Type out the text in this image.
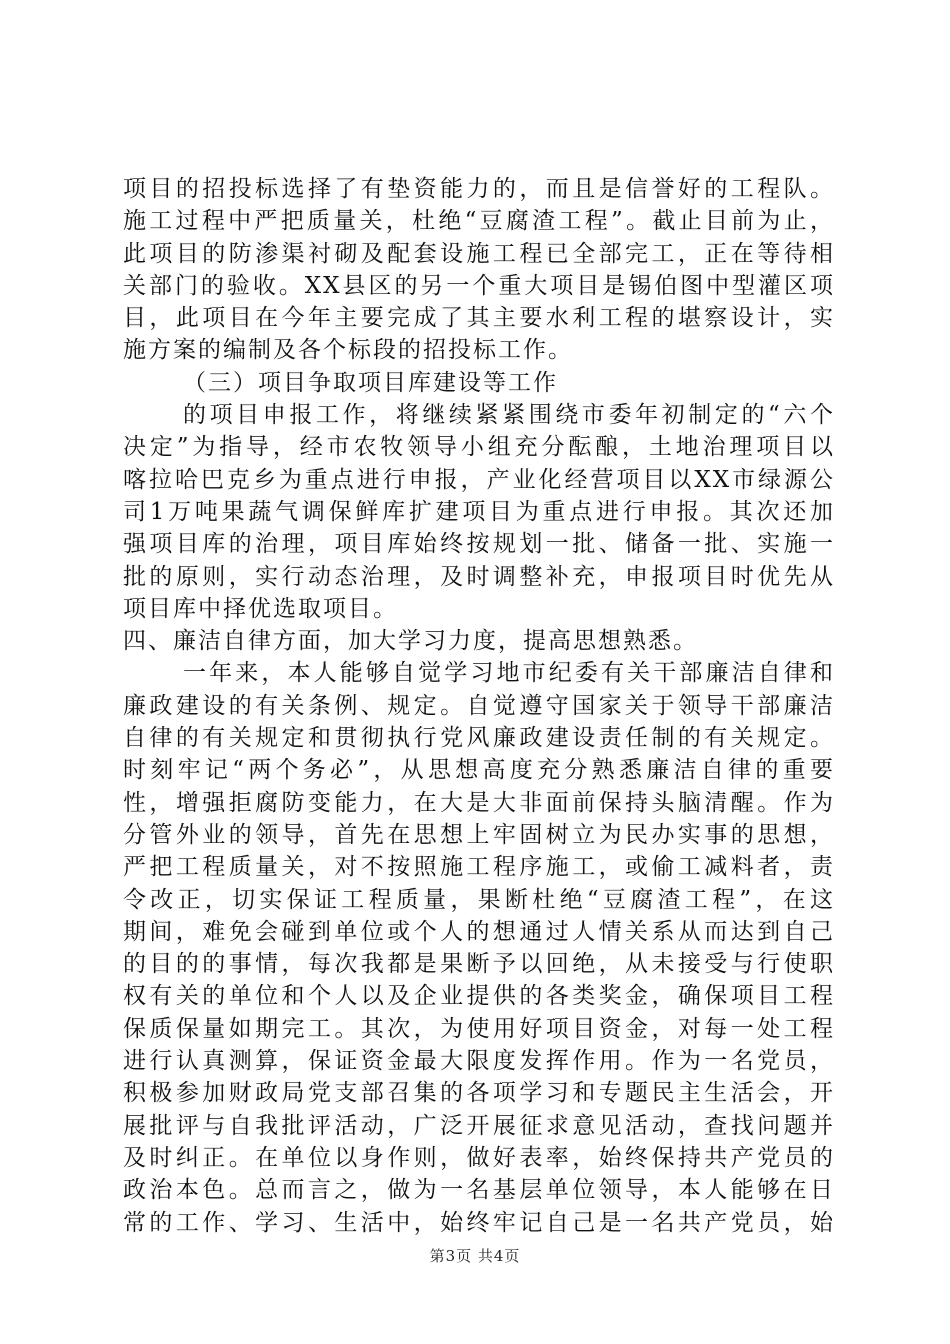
项目的招投标选择了有垫资能力的，而且是信誉好的工程队。
施工过程中严把质量关，杜绝“豆腐渣工程”。截止目前为止，
此项目的防渗渠衬砌及配套设施工程已全部完工，正在等待相
关部门的验收。XX县区的另一个重大项目是锡伯图中型灌区项
目，此项目在今年主要完成了其主要水利工程的堪察设计，实
施方案的编制及各个标段的招投标工作。
（三）项目争取项目库建设等工作
的项目申报工作，将继续紧紧围绕市委年初制定的“六个
决定”为指导，经市农牧领导小组充分酝酿，土地治理项目以
喀拉哈巴克乡为重点进行申报，产业化经营项目以XX市绿源公
司1万吨果蔬气调保鲜库扩建项目为重点进行申报。其次还加
强项目库的治理，项目库始终按规划一批、储备一批、实施一
批的原则，实行动态治理，及时调整补充，申报项目时优先从
项目库中择优选取项目。
四、廉洁自律方面，加大学习力度，提高思想熟悉。
一年来，本人能够自觉学习地市纪委有关干部廉洁自律和
廉政建设的有关条例、规定。自觉遵守国家关于领导干部廉洁
自律的有关规定和贯彻执行党风廉政建设责任制的有关规定。
时刻牢记“两个务必”，从思想高度充分熟悉廉洁自律的重要
性，增强拒腐防变能力，在大是大非面前保持头脑清醒。作为
分管外业的领导，首先在思想上牢固树立为民办实事的思想，
严把工程质量关，对不按照施工程序施工，或偷工减料者，责
令改正，切实保证工程质量，果断杜绝“豆腐渣工程”，在这
期间，难免会碰到单位或个人的想通过人情关系从而达到自己
的目的的事情，每次我都是果断予以回绝，从未接受与行使职
权有关的单位和个人以及企业提供的各类奖金，确保项目工程
保质保量如期完工。其次，为使用好项目资金，对每一处工程
进行认真测算，保证资金最大限度发挥作用。作为一名党员，
积极参加财政局党支部召集的各项学习和专题民主生活会，开
展批评与自我批评活动，广泛开展征求意见活动，查找问题并
及时纠正。在单位以身作则，做好表率，始终保持共产党员的
政治本色。总而言之，做为一名基层单位领导，本人能够在日
常的工作、学习、生活中，始终牢记自己是一名共产党员，始
第3页 共4页
